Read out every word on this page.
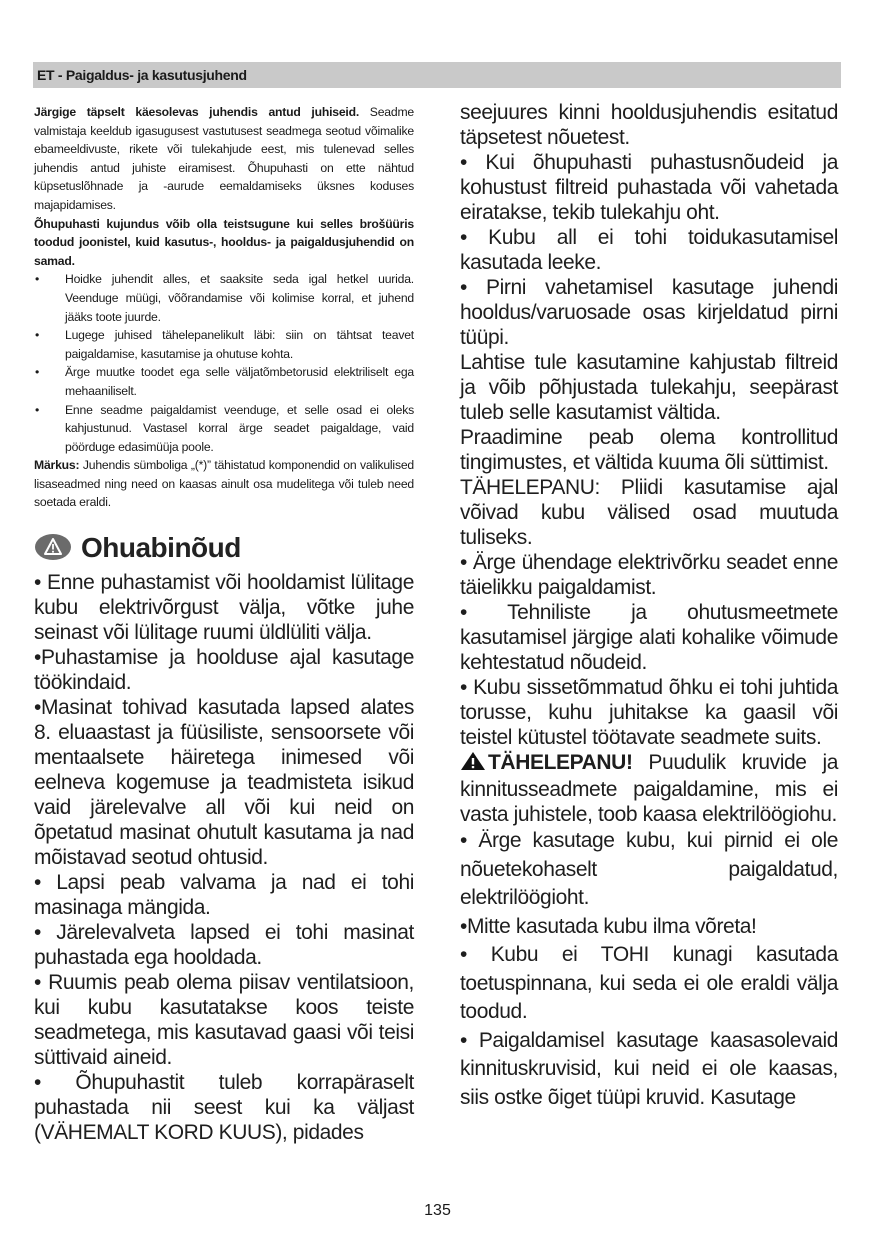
ET - Paigaldus- ja kasutusjuhend

Järgige täpselt käesolevas juhendis antud juhiseid. Seadme valmistaja keeldub igasugusest vastutusest seadmega seotud võimalike ebameeldivuste, rikete või tulekahjude eest, mis tulenevad selles juhendis antud juhiste eiramisest. Õhupuhasti on ette nähtud küpsetuslõhnade ja -aurude eemaldamiseks üksnes koduses majapidamises.

Õhupuhasti kujundus võib olla teistsugune kui selles brošüüris toodud joonistel, kuid kasutus-, hooldus- ja paigaldusjuhendid on samad.

• Hoidke juhendit alles, et saaksite seda igal hetkel uurida. Veenduge müügi, võõrandamise või kolimise korral, et juhend jääks toote juurde.
• Lugege juhised tähelepanelikult läbi: siin on tähtsat teavet paigaldamise, kasutamise ja ohutuse kohta.
• Ärge muutke toodet ega selle väljatõmbetorusid elektriliselt ega mehaaniliselt.
• Enne seadme paigaldamist veenduge, et selle osad ei oleks kahjustunud. Vastasel korral ärge seadet paigaldage, vaid pöörduge edasimüüja poole.

Märkus: Juhendis sümboliga „(*)” tähistatud komponendid on valikulised lisaseadmed ning need on kaasas ainult osa mudelitega või tuleb need soetada eraldi.

Ohuabinõud

• Enne puhastamist või hooldamist lülitage kubu elektrivõrgust välja, võtke juhe seinast või lülitage ruumi üldlüliti välja.

•Puhastamise ja hoolduse ajal kasutage töökindaid.

•Masinat tohivad kasutada lapsed alates 8. eluaastast ja füüsiliste, sensoorsete või mentaalsete häiretega inimesed või eelneva kogemuse ja teadmisteta isikud vaid järelevalve all või kui neid on õpetatud masinat ohutult kasutama ja nad mõistavad seotud ohtusid.

• Lapsi peab valvama ja nad ei tohi masinaga mängida.

• Järelevalveta lapsed ei tohi masinat puhastada ega hooldada.

• Ruumis peab olema piisav ventilatsioon, kui kubu kasutatakse koos teiste seadmetega, mis kasutavad gaasi või teisi süttivaid aineid.

• Õhupuhastit tuleb korrapäraselt puhastada nii seest kui ka väljast (VÄHEMALT KORD KUUS), pidades

seejuures kinni hooldusjuhendis esitatud täpsetest nõuetest.

• Kui õhupuhasti puhastusnõudeid ja kohustust filtreid puhastada või vahetada eiratakse, tekib tulekahju oht.

• Kubu all ei tohi toidukasutamisel kasutada leeke.

• Pirni vahetamisel kasutage juhendi hooldus/varuosade osas kirjeldatud pirni tüüpi.

Lahtise tule kasutamine kahjustab filtreid ja võib põhjustada tulekahju, seepärast tuleb selle kasutamist vältida.

Praadimine peab olema kontrollitud tingimustes, et vältida kuuma õli süttimist.

TÄHELEPANU: Pliidi kasutamise ajal võivad kubu välised osad muutuda tuliseks.

• Ärge ühendage elektrivõrku seadet enne täielikku paigaldamist.

• Tehniliste ja ohutusmeetmete kasutamisel järgige alati kohalike võimude kehtestatud nõudeid.

• Kubu sissetõmmatud õhku ei tohi juhtida torusse, kuhu juhitakse ka gaasil või teistel kütustel töötavate seadmete suits.

TÄHELEPANU! Puudulik kruvide ja kinnitusseadmete paigaldamine, mis ei vasta juhistele, toob kaasa elektrilöögiohu.

• Ärge kasutage kubu, kui pirnid ei ole nõuetekohaselt paigaldatud, elektrilöögioht.

•Mitte kasutada kubu ilma võreta!

• Kubu ei TOHI kunagi kasutada toetuspinnana, kui seda ei ole eraldi välja toodud.

• Paigaldamisel kasutage kaasasolevaid kinnituskruvisid, kui neid ei ole kaasas, siis ostke õiget tüüpi kruvid. Kasutage

135
